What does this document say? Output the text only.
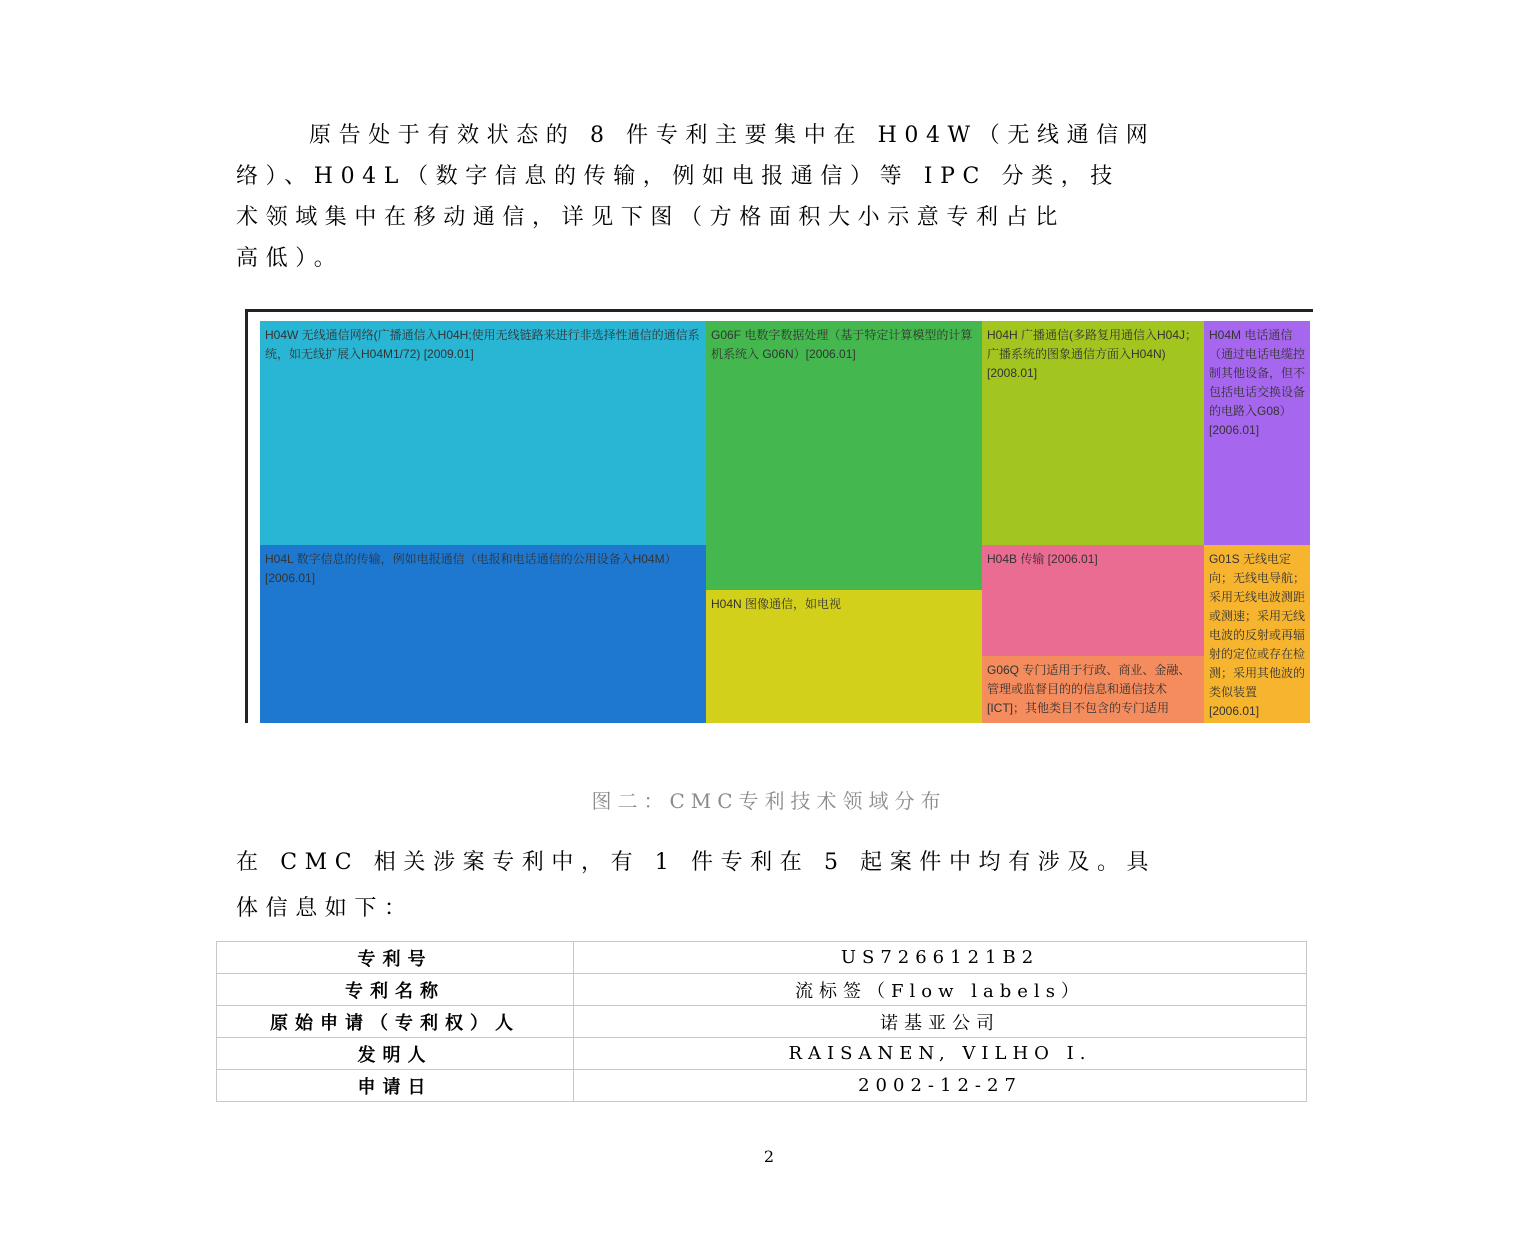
原告处于有效状态的 8 件专利主要集中在 H04W（无线通信网
络）、H04L（数字信息的传输，例如电报通信）等 IPC 分类，技
术领域集中在移动通信，详见下图（方格面积大小示意专利占比
高低）。
H04W 无线通信网络(广播通信入H04H;使用无线链路来进行非选择性通信的通信系统，如无线扩展入H04M1/72) [2009.01]
H04L 数字信息的传输，例如电报通信（电报和电话通信的公用设备入H04M）[2006.01]
G06F 电数字数据处理（基于特定计算模型的计算机系统入 G06N）[2006.01]
H04N 图像通信，如电视
H04H 广播通信(多路复用通信入H04J；广播系统的图象通信方面入H04N) [2008.01]
H04B 传输 [2006.01]
G06Q 专门适用于行政、商业、金融、管理或监督目的的信息和通信技术[ICT]；其他类目不包含的专门适用
H04M 电话通信（通过电话电缆控制其他设备，但不包括电话交换设备的电路入G08）[2006.01]
G01S 无线电定向；无线电导航；采用无线电波测距或测速；采用无线电波的反射或再辐射的定位或存在检测；采用其他波的类似装置[2006.01]
图二：CMC专利技术领域分布
在 CMC 相关涉案专利中，有 1 件专利在 5 起案件中均有涉及。具
体信息如下：
专利号	US7266121B2
专利名称	流标签（Flow labels）
原始申请（专利权）人	诺基亚公司
发明人	RAISANEN, VILHO I.
申请日	2002-12-27
2
